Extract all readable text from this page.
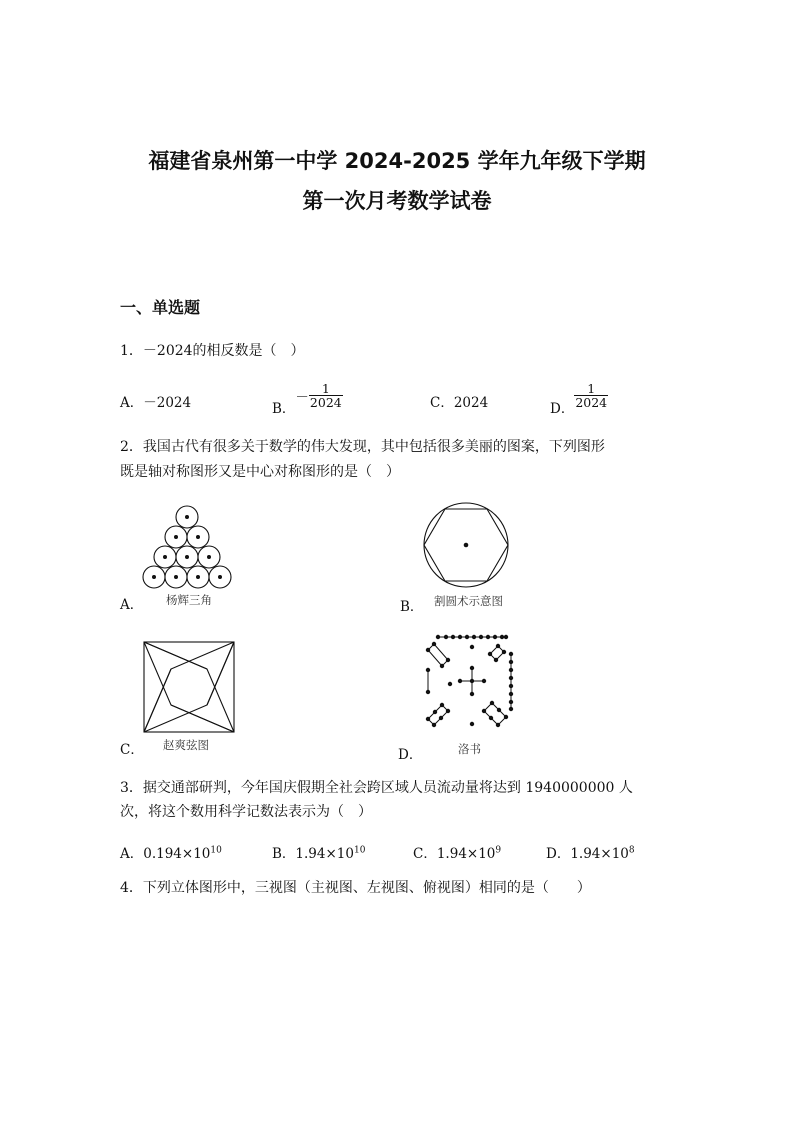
福建省泉州第一中学 2024-2025 学年九年级下学期
第一次月考数学试卷
一、单选题
1．－2024的相反数是（　）
A．－2024	B．－ $\frac{1}{2024}$	C．2024	D． $\frac{1}{2024}$
2．我国古代有很多关于数学的伟大发现，其中包括很多美丽的图案，下列图形
既是轴对称图形又是中心对称图形的是（　）
A． 杨辉三角	B． 割圆术示意图
C． 赵爽弦图
D．	洛书
3．据交通部研判，今年国庆假期全社会跨区域人员流动量将达到 1940000000 人
次，将这个数用科学记数法表示为（　）
A．$0.194\times 10^{10}$	B．$1.94\times 10^{10}$	C．$1.94\times 10^9$	D．$1.94\times 10^8$
4．下列立体图形中，三视图（主视图、左视图、俯视图）相同的是（　　）
